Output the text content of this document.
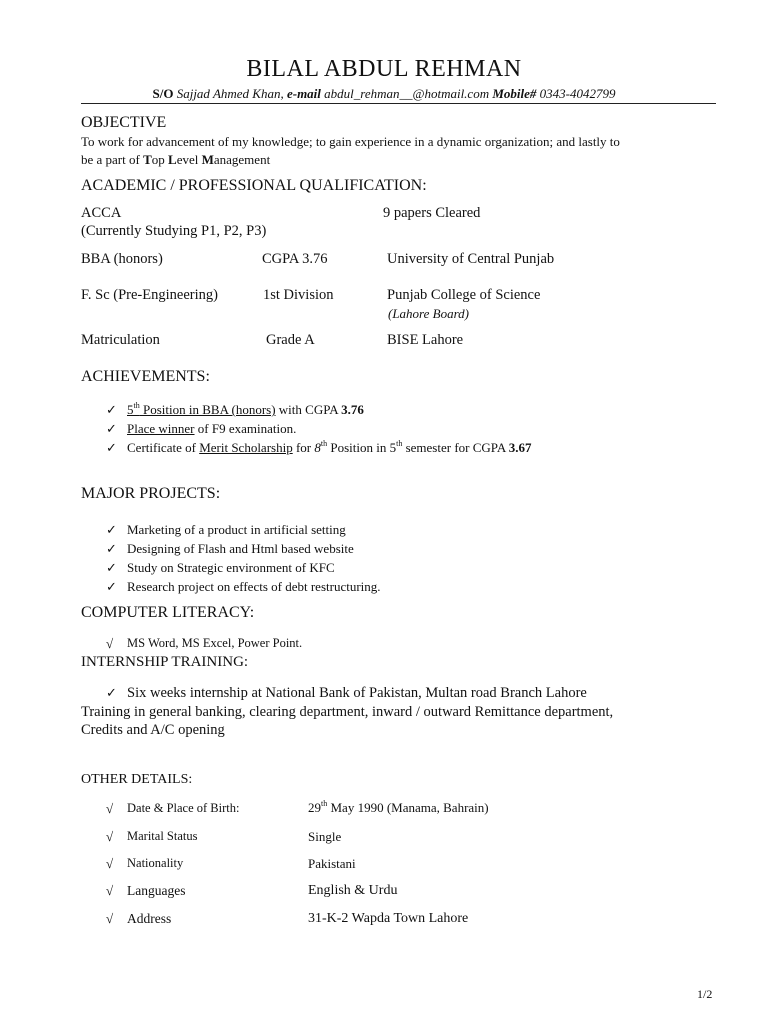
BILAL ABDUL REHMAN
S/O Sajjad Ahmed Khan, e-mail abdul_rehman__@hotmail.com Mobile# 0343-4042799
OBJECTIVE
To work for advancement of my knowledge; to gain experience in a dynamic organization; and lastly to
be a part of Top Level Management
ACADEMIC / PROFESSIONAL QUALIFICATION:
ACCA	9 papers Cleared
(Currently Studying P1, P2, P3)
BBA (honors)	CGPA 3.76	University of Central Punjab
F. Sc (Pre-Engineering)	1st Division	Punjab College of Science
(Lahore Board)
Matriculation	Grade A	BISE Lahore
ACHIEVEMENTS:
✓ 5th Position in BBA (honors) with CGPA 3.76
✓ Place winner of F9 examination.
✓ Certificate of Merit Scholarship for 8th Position in 5th semester for CGPA 3.67
MAJOR PROJECTS:
✓ Marketing of a product in artificial setting
✓ Designing of Flash and Html based website
✓ Study on Strategic environment of KFC
✓ Research project on effects of debt restructuring.
COMPUTER LITERACY:
√ MS Word, MS Excel, Power Point.
INTERNSHIP TRAINING:
✓ Six weeks internship at National Bank of Pakistan, Multan road Branch Lahore
Training in general banking, clearing department, inward / outward Remittance department,
Credits and A/C opening
OTHER DETAILS:
√ Date & Place of Birth:	29th May 1990 (Manama, Bahrain)
√ Marital Status	Single
√ Nationality	Pakistani
√ Languages	English & Urdu
√ Address	31-K-2 Wapda Town Lahore
1/2
